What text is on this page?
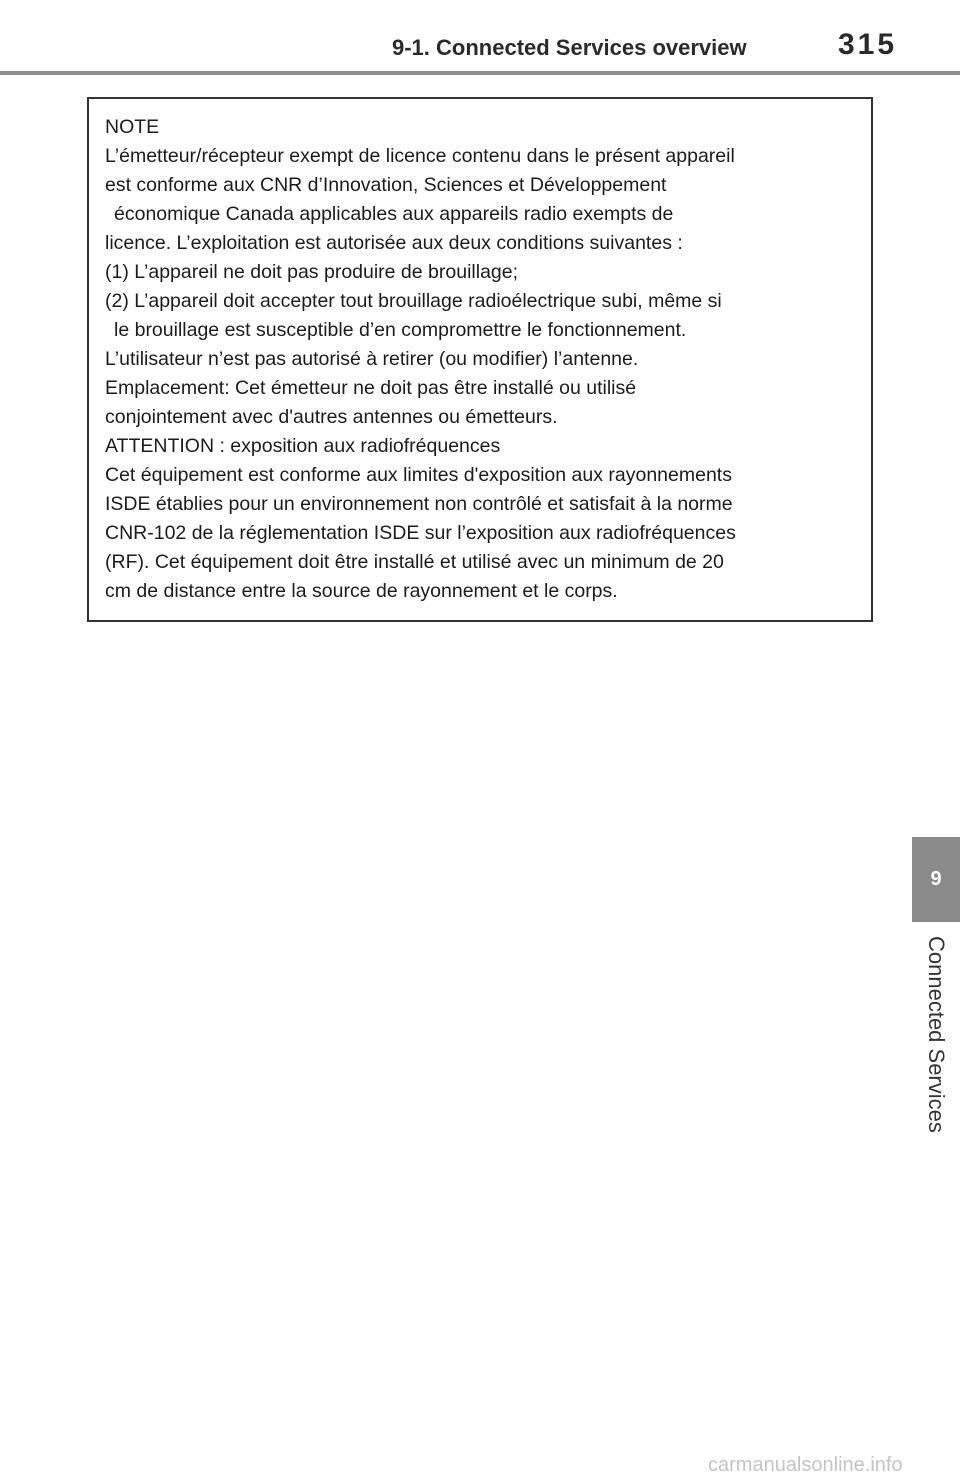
9-1. Connected Services overview	315
NOTE
L’émetteur/récepteur exempt de licence contenu dans le présent appareil
est conforme aux CNR d’Innovation, Sciences et Développement
économique Canada applicables aux appareils radio exempts de
licence. L’exploitation est autorisée aux deux conditions suivantes :
(1) L’appareil ne doit pas produire de brouillage;
(2) L’appareil doit accepter tout brouillage radioélectrique subi, même si
le brouillage est susceptible d’en compromettre le fonctionnement.
L’utilisateur n’est pas autorisé à retirer (ou modifier) l’antenne.
Emplacement: Cet émetteur ne doit pas être installé ou utilisé
conjointement avec d'autres antennes ou émetteurs.
ATTENTION : exposition aux radiofréquences
Cet équipement est conforme aux limites d'exposition aux rayonnements
ISDE établies pour un environnement non contrôlé et satisfait à la norme
CNR-102 de la réglementation ISDE sur l’exposition aux radiofréquences
(RF). Cet équipement doit être installé et utilisé avec un minimum de 20
cm de distance entre la source de rayonnement et le corps.
9
Connected Services
carmanualsonline.info
